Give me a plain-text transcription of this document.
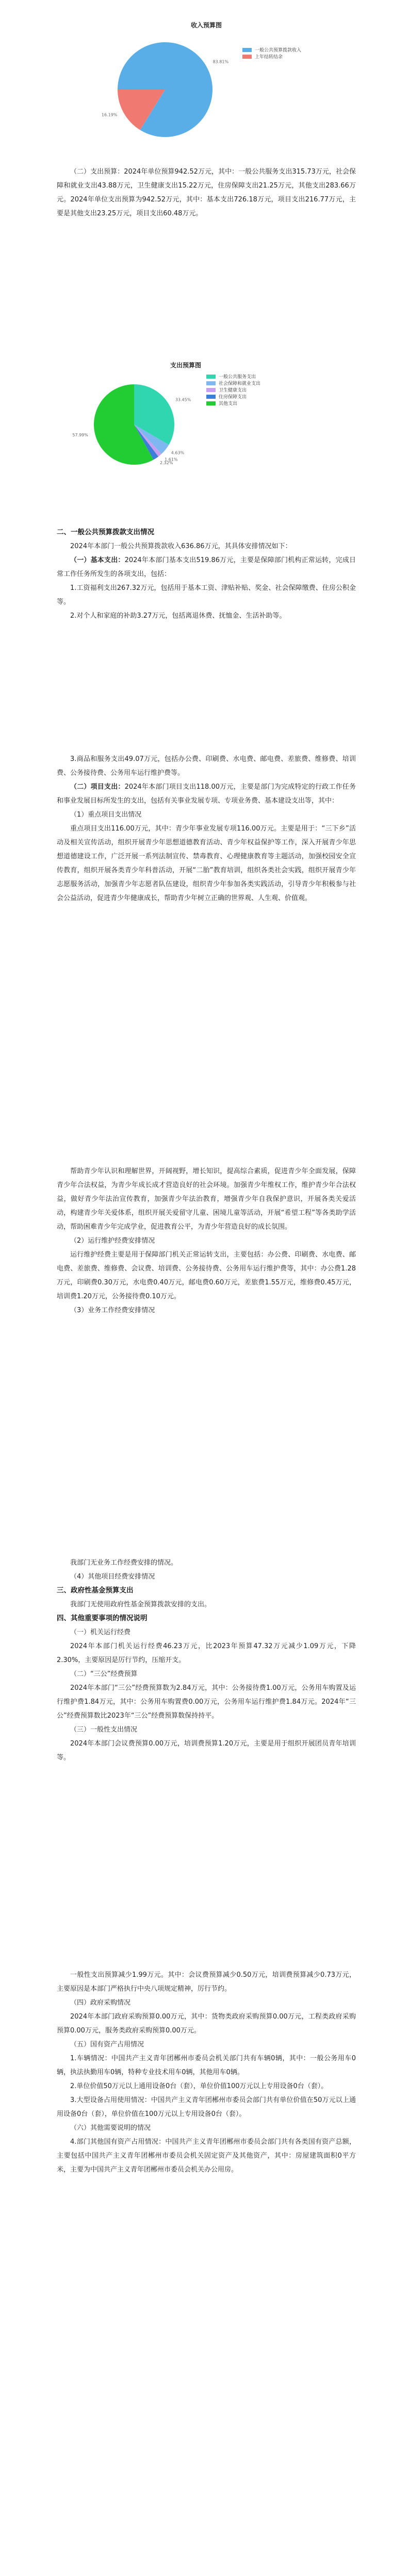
收入预算图
83.81%
16.19%
一般公共预算拨款收入
上年结转结余

（二）支出预算：2024年单位预算942.52万元，其中：一般公共服务支出315.73万元，社会保障和就业支出43.88万元，卫生健康支出15.22万元，住房保障支出21.25万元，其他支出283.66万元。2024年单位支出预算为942.52万元，其中：基本支出726.18万元，项目支出216.77万元，主要是其他支出23.25万元，项目支出60.48万元。

支出预算图
33.45%
4.63%
1.61%
2.32%
57.99%
一般公共服务支出
社会保障和就业支出
卫生健康支出
住房保障支出
其他支出

二、一般公共预算拨款支出情况

2024年本部门一般公共预算拨款收入636.86万元，其具体安排情况如下：

（一）基本支出：2024年本部门基本支出519.86万元，主要是保障部门机构正常运转，完成日常工作任务所发生的各项支出，包括：

1.工资福利支出267.32万元，包括用于基本工资、津贴补贴、奖金、社会保障缴费、住房公积金等。

2.对个人和家庭的补助3.27万元，包括离退休费、抚恤金、生活补助等。

3.商品和服务支出49.07万元，包括办公费、印刷费、水电费、邮电费、差旅费、维修费、培训费、公务接待费、公务用车运行维护费等。

（二）项目支出：2024年本部门项目支出118.00万元，主要是部门为完成特定的行政工作任务和事业发展目标所发生的支出，包括有关事业发展专项、专项业务费、基本建设支出等，其中：

（1）重点项目支出情况

重点项目支出116.00万元，其中：青少年事业发展专项116.00万元。主要是用于：“三下乡”活动及相关宣传活动，组织开展青少年思想道德教育活动、青少年权益保护等工作，深入开展青少年思想道德建设工作，广泛开展一系列法制宣传、禁毒教育、心理健康教育等主题活动，加强校园安全宣传教育，组织开展各类青少年科普活动，开展“二胎”教育培训，组织各类社会实践，组织开展青少年志愿服务活动，加强青少年志愿者队伍建设，组织青少年参加各类实践活动，引导青少年积极参与社会公益活动，促进青少年健康成长，帮助青少年树立正确的世界观、人生观、价值观。

帮助青少年认识和理解世界，开阔视野，增长知识，提高综合素质，促进青少年全面发展，保障青少年合法权益，为青少年成长成才营造良好的社会环境。加强青少年维权工作，维护青少年合法权益，做好青少年法治宣传教育，加强青少年法治教育，增强青少年自我保护意识，开展各类关爱活动，构建青少年关爱体系，组织开展关爱留守儿童、困境儿童等活动，开展“希望工程”等各类助学活动，帮助困难青少年完成学业，促进教育公平，为青少年营造良好的成长氛围。

（2）运行维护经费安排情况

运行维护经费主要是用于保障部门机关正常运转支出，主要包括：办公费、印刷费、水电费、邮电费、差旅费、维修费、会议费、培训费、公务接待费、公务用车运行维护费等，其中：办公费1.28万元，印刷费0.30万元，水电费0.40万元，邮电费0.60万元，差旅费1.55万元，维修费0.45万元，培训费1.20万元，公务接待费0.10万元。

（3）业务工作经费安排情况

我部门无业务工作经费安排的情况。

（4）其他项目经费安排情况

三、政府性基金预算支出

我部门无使用政府性基金预算拨款安排的支出。

四、其他重要事项的情况说明

（一）机关运行经费

2024年本部门机关运行经费46.23万元，比2023年预算47.32万元减少1.09万元，下降2.30%，主要原因是厉行节约，压缩开支。

（二）“三公”经费预算

2024年本部门“三公”经费预算数为2.84万元，其中：公务接待费1.00万元，公务用车购置及运行维护费1.84万元，其中：公务用车购置费0.00万元，公务用车运行维护费1.84万元。2024年“三公”经费预算数比2023年“三公”经费预算数保持持平。

（三）一般性支出情况

2024年本部门会议费预算0.00万元，培训费预算1.20万元，主要是用于组织开展团员青年培训等。

一般性支出预算减少1.99万元。其中：会议费预算减少0.50万元，培训费预算减少0.73万元，主要原因是本部门严格执行中央八项规定精神，厉行节约。

（四）政府采购情况

2024年本部门政府采购预算0.00万元，其中：货物类政府采购预算0.00万元，工程类政府采购预算0.00万元，服务类政府采购预算0.00万元。

（五）国有资产占用情况

1.车辆情况：中国共产主义青年团郴州市委员会机关部门共有车辆0辆，其中：一般公务用车0辆，执法执勤用车0辆，特种专业技术用车0辆，其他用车0辆。

2.单位价值50万元以上通用设备0台（套），单位价值100万元以上专用设备0台（套）。

3.大型设备占用使用情况：中国共产主义青年团郴州市委员会部门共有单位价值在50万元以上通用设备0台（套），单位价值在100万元以上专用设备0台（套）。

（六）其他需要说明的情况

4.部门其他国有资产占用情况：中国共产主义青年团郴州市委员会部门共有各类国有资产总额，主要包括中国共产主义青年团郴州市委员会机关固定资产及其他资产，其中：房屋建筑面积0平方米，主要为中国共产主义青年团郴州市委员会机关办公用房。
